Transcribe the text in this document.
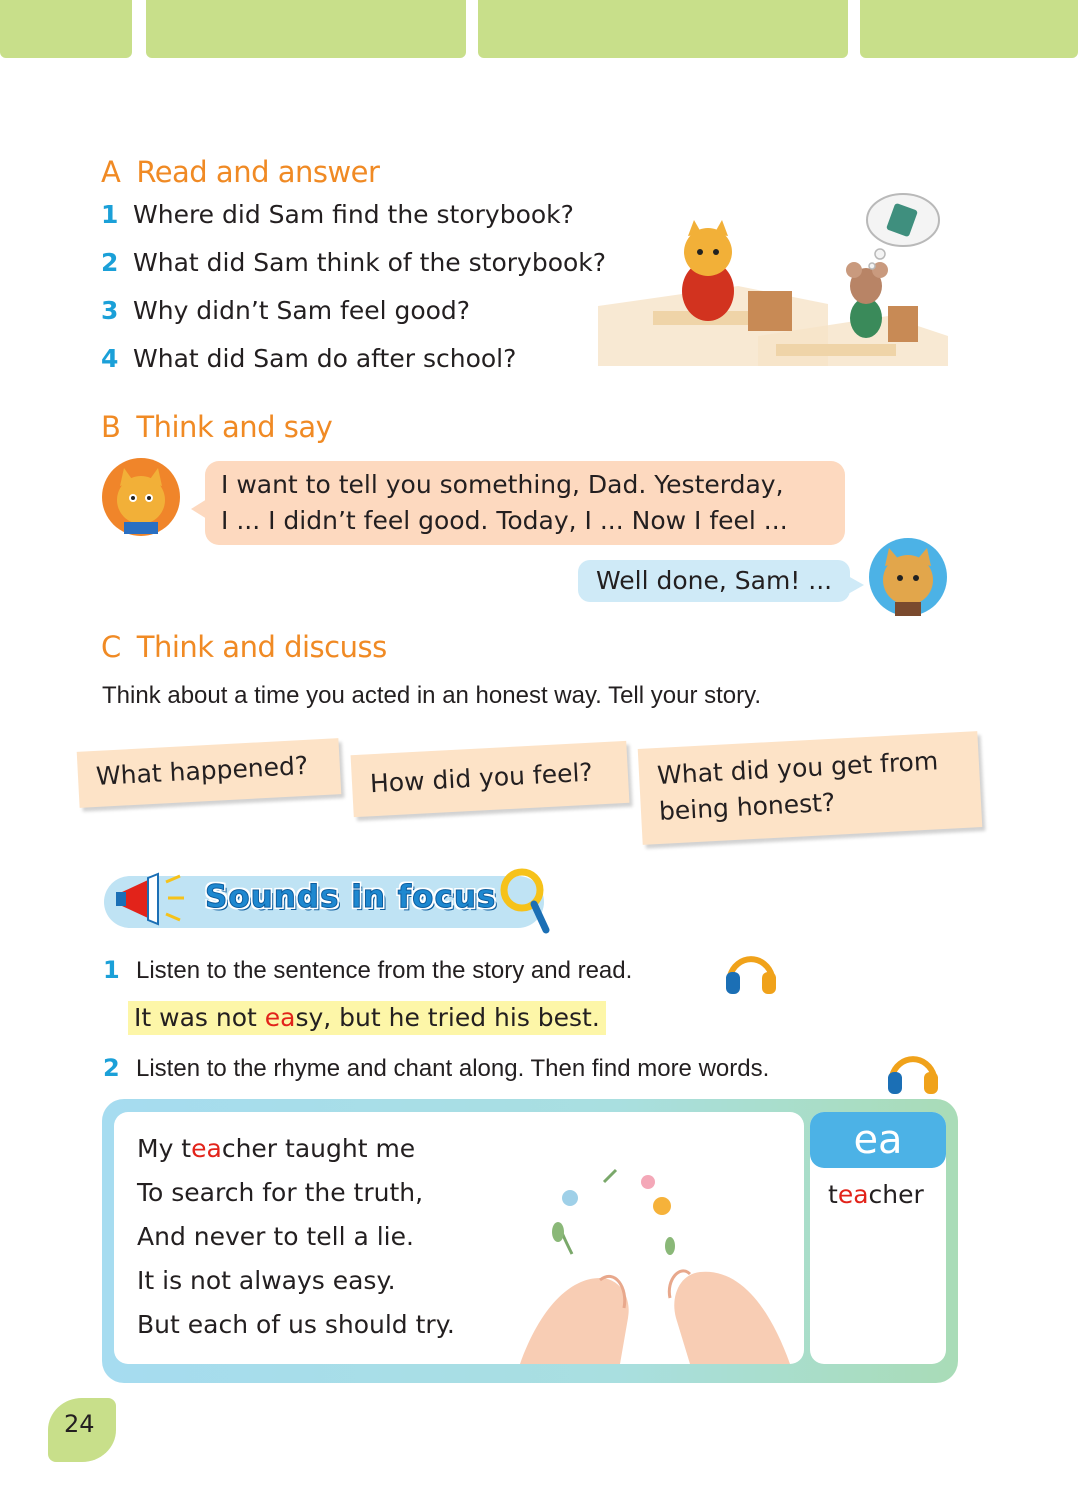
A Read and answer
1 Where did Sam find the storybook?
2 What did Sam think of the storybook?
3 Why didn’t Sam feel good?
4 What did Sam do after school?
B Think and say
I want to tell you something, Dad. Yesterday,
I ... I didn’t feel good. Today, I ... Now I feel ...
Well done, Sam! ...
C Think and discuss
Think about a time you acted in an honest way. Tell your story.
What happened?	How did you feel?	What did you get from
being honest?
Sounds in focus
1 Listen to the sentence from the story and read.
It was not easy, but he tried his best.
2 Listen to the rhyme and chant along. Then find more words.
ea
teacher
My teacher taught me
To search for the truth,
And never to tell a lie.
It is not always easy.
But each of us should try.
24
